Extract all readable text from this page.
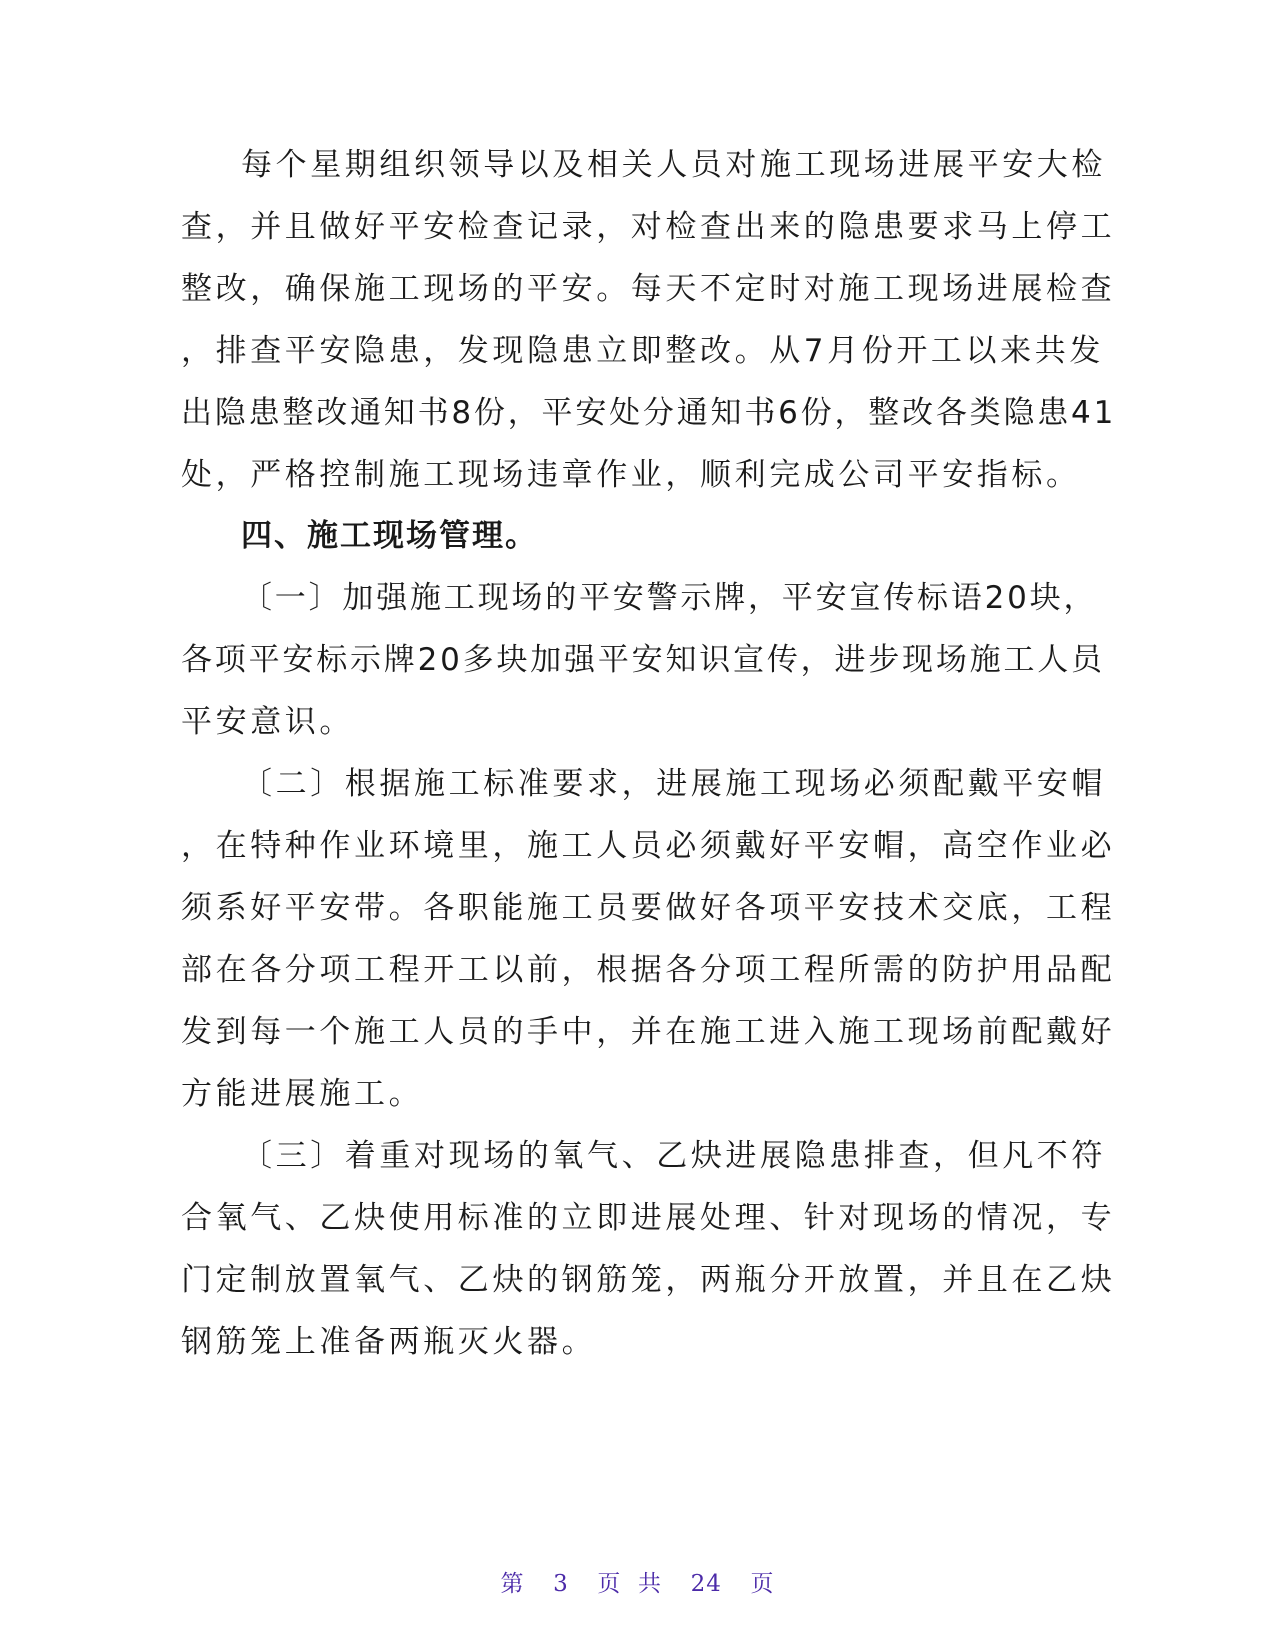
每个星期组织领导以及相关人员对施工现场进展平安大检
查，并且做好平安检查记录，对检查出来的隐患要求马上停工
整改，确保施工现场的平安。每天不定时对施工现场进展检查
，排查平安隐患，发现隐患立即整改。从7月份开工以来共发
出隐患整改通知书8份，平安处分通知书6份，整改各类隐患41
处，严格控制施工现场违章作业，顺利完成公司平安指标。
四、施工现场管理。
〔一〕加强施工现场的平安警示牌，平安宣传标语20块，
各项平安标示牌20多块加强平安知识宣传，进步现场施工人员
平安意识。
〔二〕根据施工标准要求，进展施工现场必须配戴平安帽
，在特种作业环境里，施工人员必须戴好平安帽，高空作业必
须系好平安带。各职能施工员要做好各项平安技术交底，工程
部在各分项工程开工以前，根据各分项工程所需的防护用品配
发到每一个施工人员的手中，并在施工进入施工现场前配戴好
方能进展施工。
〔三〕着重对现场的氧气、乙炔进展隐患排查，但凡不符
合氧气、乙炔使用标准的立即进展处理、针对现场的情况，专
门定制放置氧气、乙炔的钢筋笼，两瓶分开放置，并且在乙炔
钢筋笼上准备两瓶灭火器。
第 3 页  共 24 页
